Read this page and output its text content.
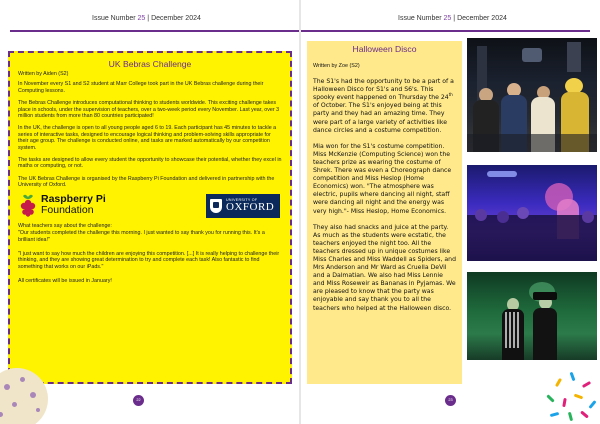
Issue Number 25 | December 2024
UK Bebras Challenge
Written by Aiden (S2)

In November every S1 and S2 student at Marr College took part in the UK Bebras challenge during their Computing lessons.

The Bebras Challenge introduces computational thinking to students worldwide. This exciting challenge takes place in schools, under the supervision of teachers, over a two-week period every November. Last year, over 3 million students from more than 80 countries participated!

In the UK, the challenge is open to all young people aged 6 to 19. Each participant has 45 minutes to tackle a series of interactive tasks, designed to encourage logical thinking and problem-solving skills appropriate for their age group. The challenge is conducted online, and tasks are marked automatically by our competition system.

The tasks are designed to allow every student the opportunity to showcase their potential, whether they excel in maths or computing, or not.

The UK Bebras Challenge is organised by the Raspberry Pi Foundation and delivered in partnership with the University of Oxford.

Raspberry Pi
Foundation
UNIVERSITY OF
OXFORD
What teachers say about the challenge:

"Our students completed the challenge this morning. I just wanted to say thank you for running this. It's a brilliant idea!"

"I just want to say how much the children are enjoying this competition. [...] It is really helping to challenge their thinking, and they are showing great determination to try and complete each task! Also fantastic to find something that works on our iPads."

All certificates will be issued in January!

22
Issue Number 25 | December 2024
Halloween Disco
Written by Zoe (S2)

The S1's had the opportunity to be a part of a Halloween Disco for S1's and S6's. This spooky event happened on Thursday the 24th of October. The S1's enjoyed being at this party and they had an amazing time. They were part of a large variety of activities like dance circles and a costume competition.

Mia won for the S1's costume competition. Miss McKenzie (Computing Science) won the teachers prize as wearing the costume of Shrek. There was even a Choreograph dance competition and Miss Heslop (Home Economics) won. "The atmosphere was electric, pupils where dancing all night, staff were dancing all night and the energy was very high."- Miss Heslop, Home Economics.

They also had snacks and juice at the party. As much as the students were ecstatic, the teachers enjoyed the night too. All the teachers dressed up in unique costumes like Miss Charles and Miss Waddell as Spiders, and Mrs Anderson and Mr Ward as Cruella DeVil and a Dalmatian. We also had Miss Lennie and Miss Roseweir as Bananas in Pyjamas. We are pleased to know that the party was enjoyable and say thank you to all the teachers who helped at the Halloween disco.

23
